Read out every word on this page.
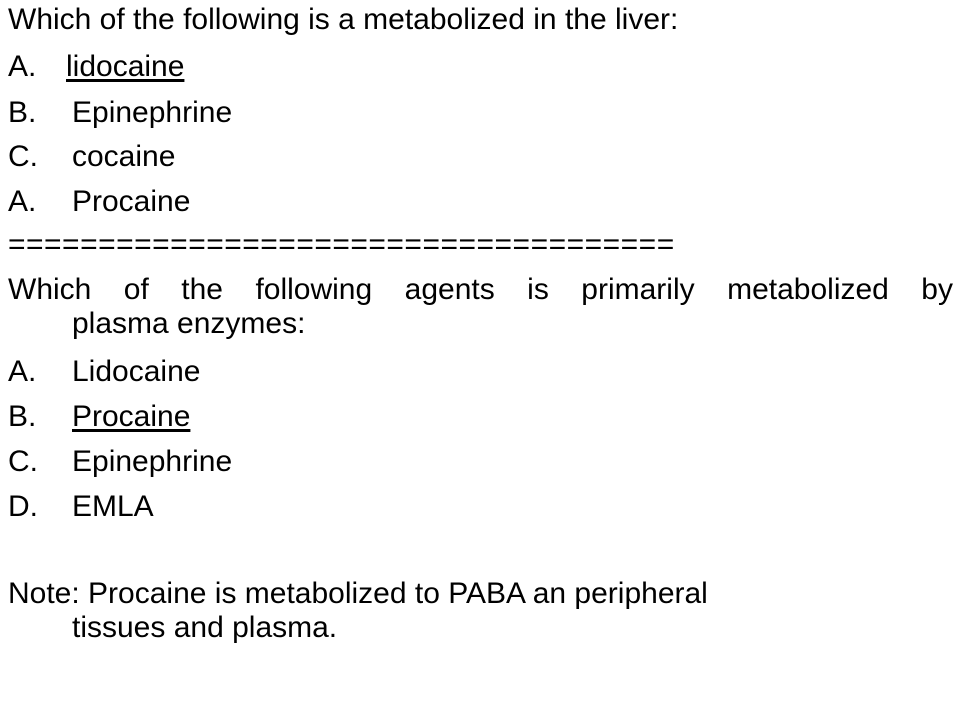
Which of the following is a metabolized in the liver:
A. lidocaine
B. Epinephrine
C. cocaine
A. Procaine
=====================================
Which of the following agents is primarily metabolized by
plasma enzymes:
A. Lidocaine
B. Procaine
C. Epinephrine
D. EMLA
Note: Procaine is metabolized to PABA an peripheral
tissues and plasma.
